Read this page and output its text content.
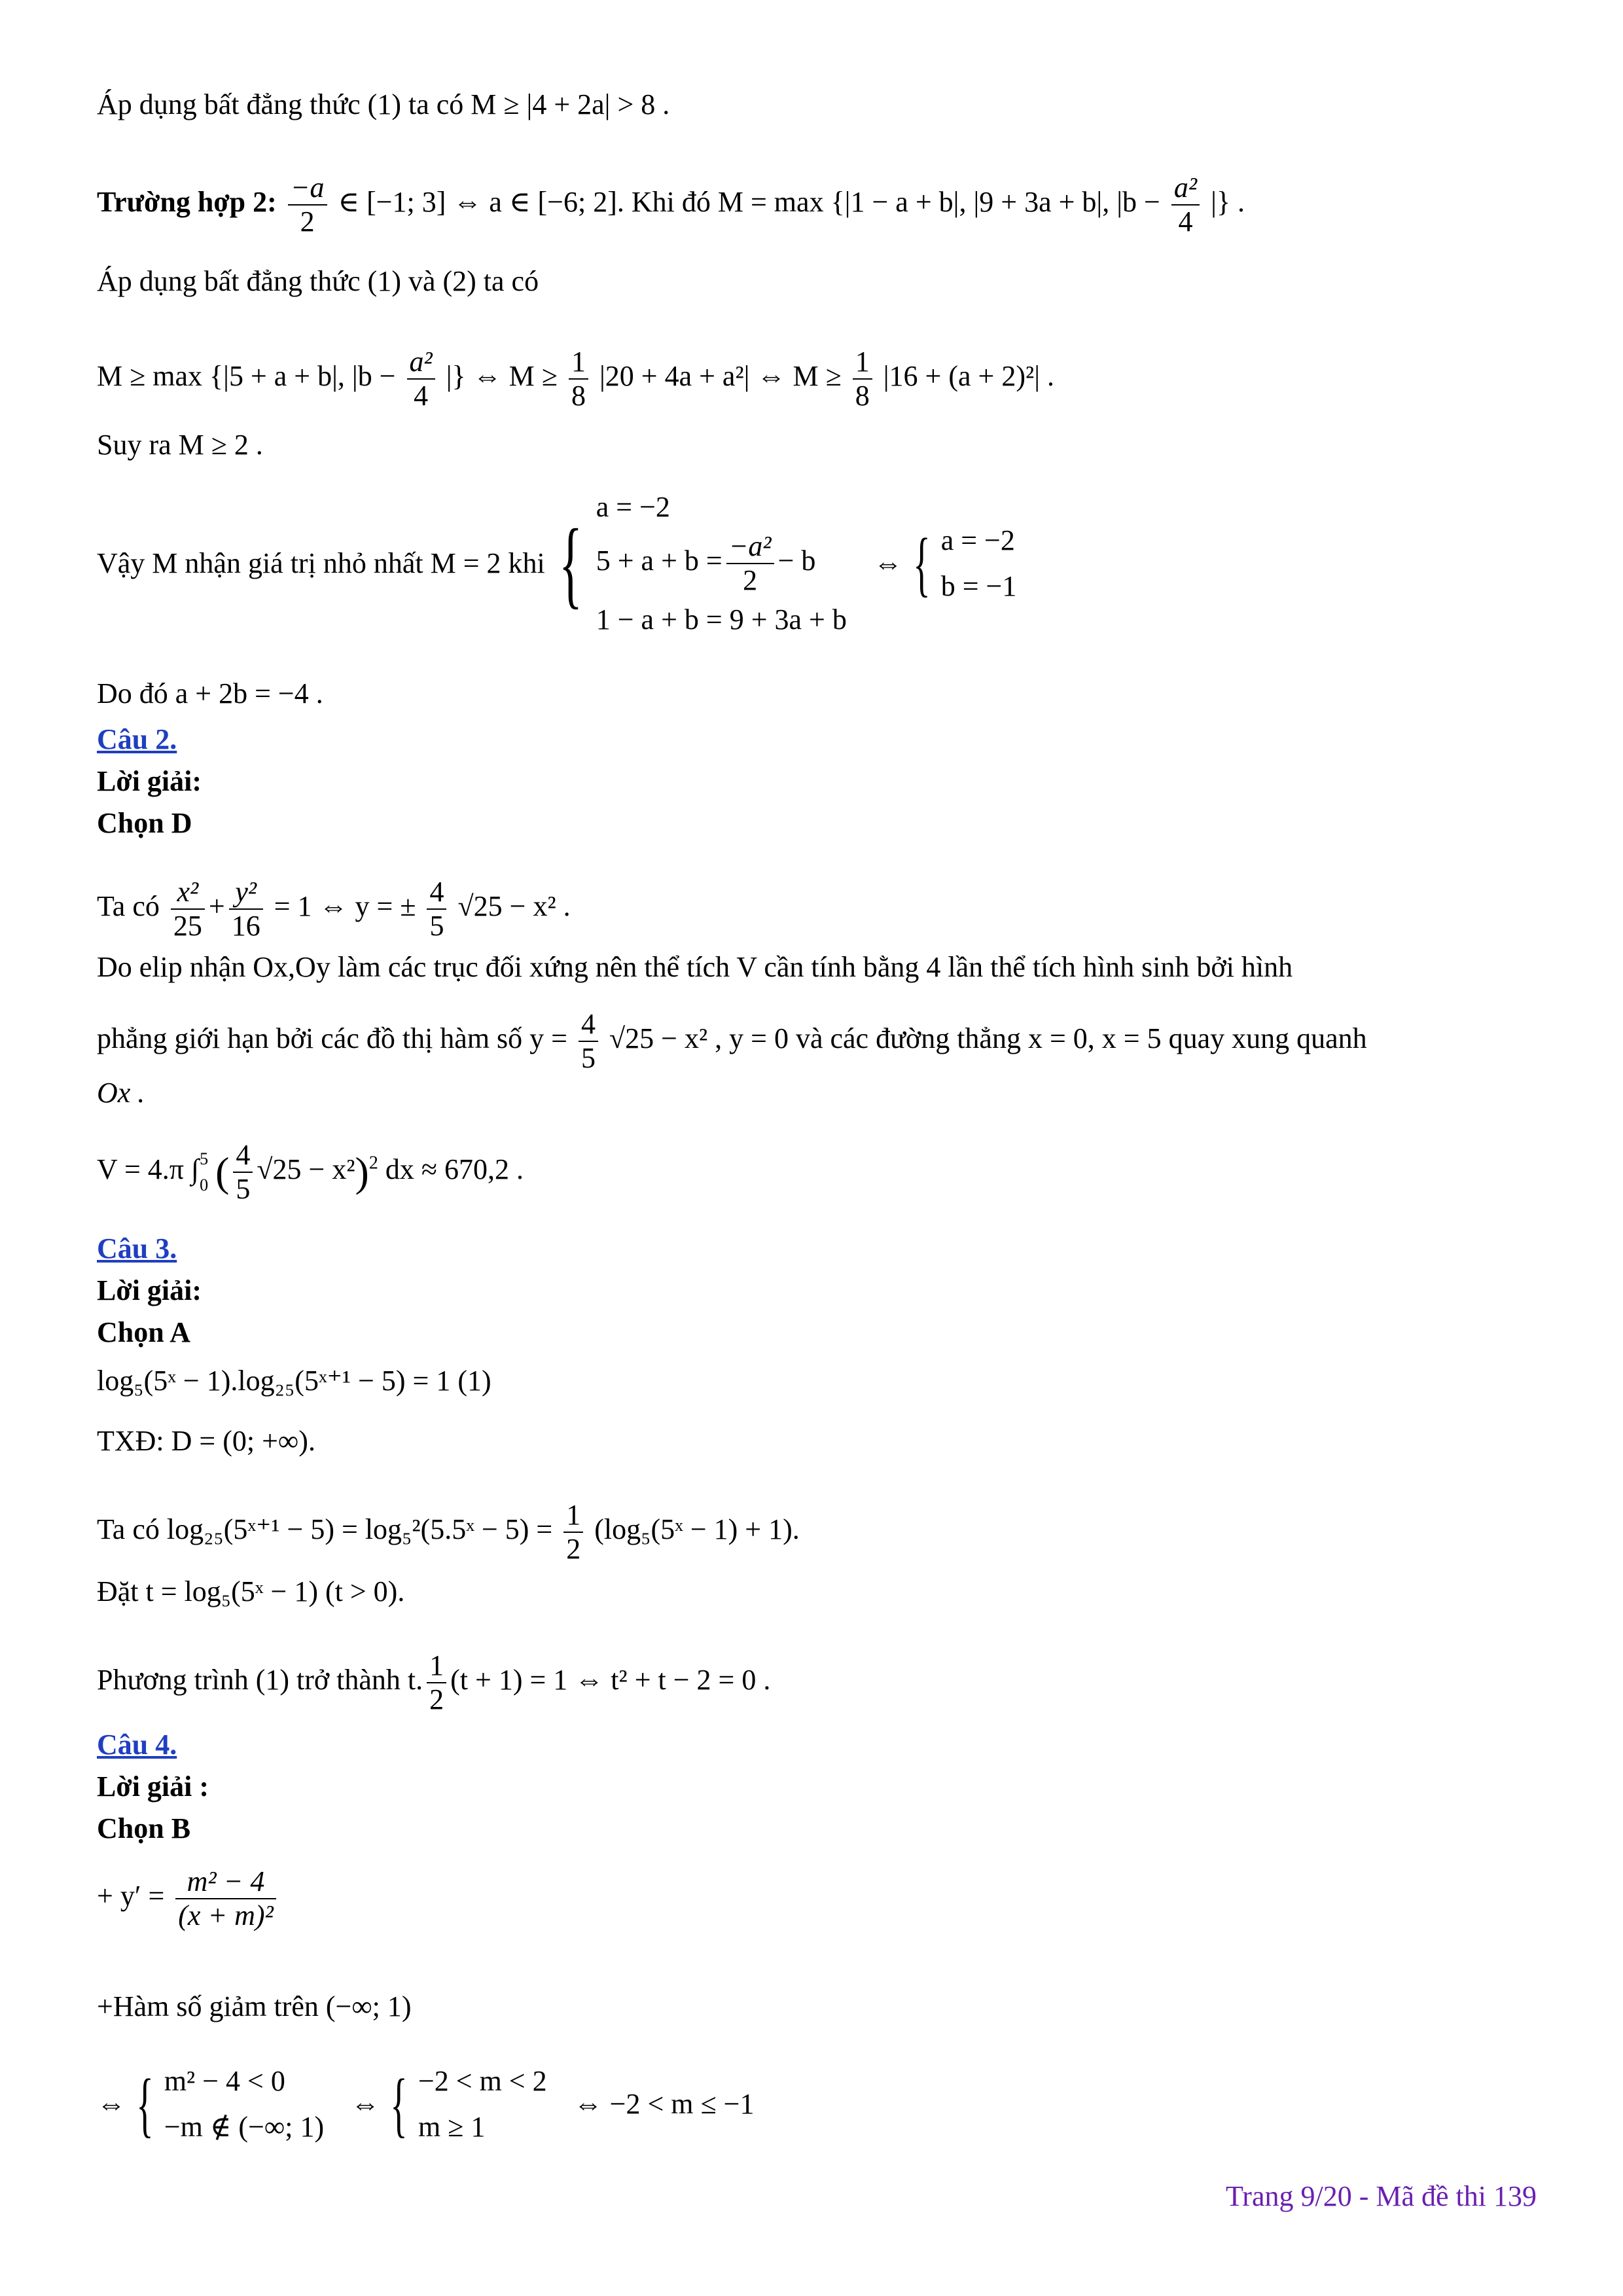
Áp dụng bất đẳng thức (1) ta có M ≥ |4 + 2a| > 8 .
Trường hợp 2: $\frac{-a}{2}$ ∈ [−1; 3] ⇔ a ∈ [−6; 2]. Khi đó M = max {|1 − a + b|, |9 + 3a + b|, $|b - \frac{\text{a²}}{4}$ |} .
Áp dụng bất đẳng thức (1) và (2) ta có
M ≥ max {|5 + a + b|, $|b - \frac{\text{a²}}{4}$ |} ⇔ $M \ge \frac{1}{8} |20 + 4a + a^2|$ ⇔ $M \ge \frac{1}{8} |16 + (a + 2)^2|$ .
Suy ra M ≥ 2 .
Vậy M nhận giá trị nhỏ nhất M = 2 khi {
a = −2
$5 + a + b = \frac{\text{−a²}}{2} - b$
1 − a + b = 9 + 3a + b
⇔ { a = −2
b = −1
Do đó a + 2b = −4 .
Câu 2.
Lời giải:
Chọn D
Ta có $\frac{\text{x²}}{25} + \frac{\text{y²}}{16} = 1$ ⇔ y = ± $\frac{4}{5} √25 - x^2$ .
Do elip nhận Ox,Oy làm các trục đối xứng nên thể tích V cần tính bằng 4 lần thể tích hình sinh bởi hình
phẳng giới hạn bởi các đồ thị hàm số $y = \frac{4}{5} √25 - x^2$ , y = 0 và các đường thẳng x = 0, x = 5 quay xung quanh
Ox .
V = 4.π ∫ 5
0 ( $\frac{4}{5} √25 - x^2)^2$ dx ≈ 670,2 .
Câu 3.
Lời giải:
Chọn A
log₅(5ˣ − 1).log₂₅(5ˣ⁺¹ − 5) = 1 (1)
TXĐ: D = (0; +∞).
Ta có log₂₅(5ˣ⁺¹ − 5) = log₅²(5.5ˣ − $5) = \frac{1}{2}$ (log₅(5ˣ − 1) + 1).
Đặt t = log₅(5ˣ − 1) (t > 0).
Phương trình (1) trở thành t. $\frac{1}{2} (t + 1) = 1$ ⇔ t² + t − 2 = 0 .
Câu 4.
Lời giải :
Chọn B
+ $y' = \frac{\text{m² − 4}}{\text{(x + m)²}}$
+Hàm số giảm trên (−∞; 1)
⇔ { m² − 4 < 0
−m ∉ (−∞; 1)
⇔ { −2 < m < 2
m ≥ 1
⇔ −2 < m ≤ −1
Trang 9/20 - Mã đề thi 139
